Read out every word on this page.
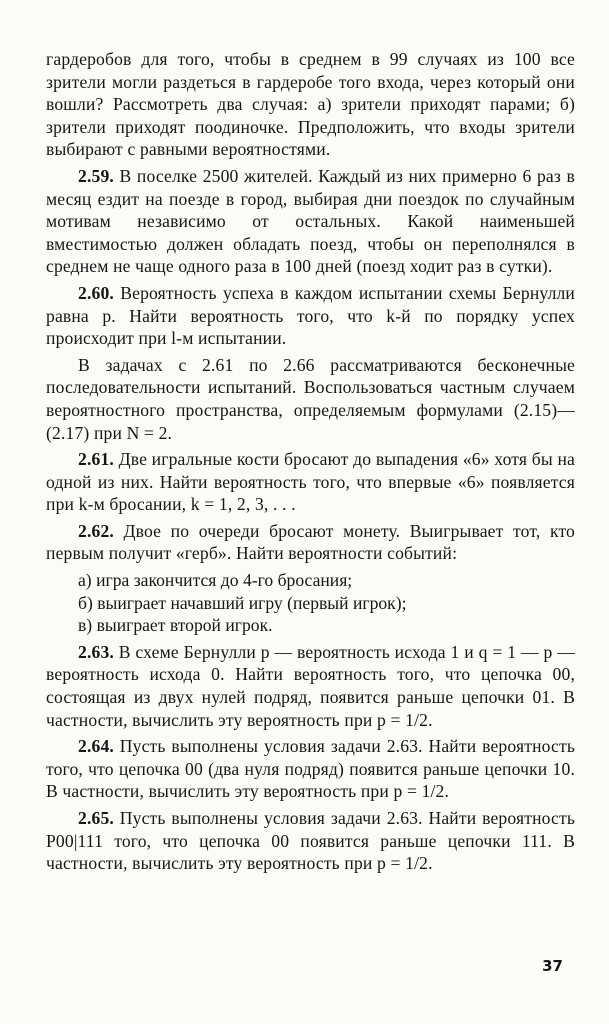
гардеробов для того, чтобы в среднем в 99 случаях из 100 все зрители могли раздеться в гардеробе того входа, через который они вошли? Рассмотреть два случая: а) зрители приходят парами; б) зрители приходят поодиночке. Предположить, что входы зрители выбирают с равными вероятностями.

2.59. В поселке 2500 жителей. Каждый из них примерно 6 раз в месяц ездит на поезде в город, выбирая дни поездок по случайным мотивам независимо от остальных. Какой наименьшей вместимостью должен обладать поезд, чтобы он переполнялся в среднем не чаще одного раза в 100 дней (поезд ходит раз в сутки).

2.60. Вероятность успеха в каждом испытании схемы Бернулли равна p. Найти вероятность того, что k-й по порядку успех происходит при l-м испытании.

В задачах с 2.61 по 2.66 рассматриваются бесконечные последовательности испытаний. Воспользоваться частным случаем вероятностного пространства, определяемым формулами (2.15)—(2.17) при N = 2.

2.61. Две игральные кости бросают до выпадения «6» хотя бы на одной из них. Найти вероятность того, что впервые «6» появляется при k-м бросании, k = 1, 2, 3, . . .

2.62. Двое по очереди бросают монету. Выигрывает тот, кто первым получит «герб». Найти вероятности событий:

а) игра закончится до 4-го бросания;

б) выиграет начавший игру (первый игрок);

в) выиграет второй игрок.

2.63. В схеме Бернулли p — вероятность исхода 1 и q = 1 — p — вероятность исхода 0. Найти вероятность того, что цепочка 00, состоящая из двух нулей подряд, появится раньше цепочки 01. В частности, вычислить эту вероятность при p = 1/2.

2.64. Пусть выполнены условия задачи 2.63. Найти вероятность того, что цепочка 00 (два нуля подряд) появится раньше цепочки 10. В частности, вычислить эту вероятность при p = 1/2.

2.65. Пусть выполнены условия задачи 2.63. Найти вероятность P00|111 того, что цепочка 00 появится раньше цепочки 111. В частности, вычислить эту вероятность при p = 1/2.

37
